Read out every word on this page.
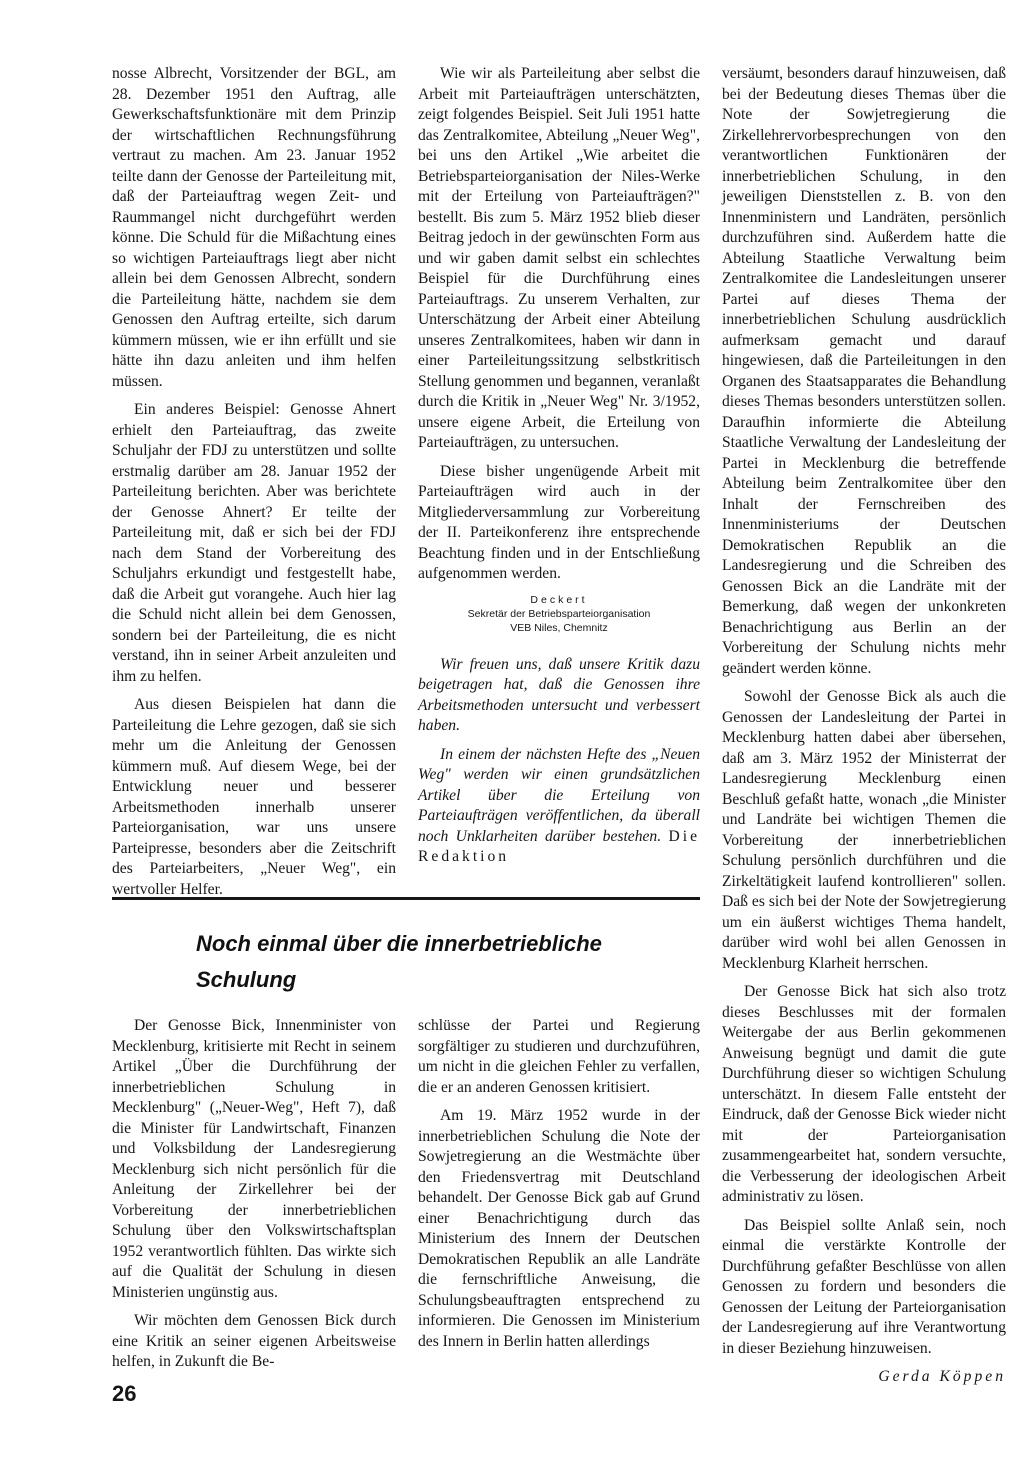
nosse Albrecht, Vorsitzender der BGL, am 28. Dezember 1951 den Auftrag, alle Gewerkschaftsfunktionäre mit dem Prinzip der wirtschaftlichen Rechnungsführung vertraut zu machen. Am 23. Januar 1952 teilte dann der Genosse der Parteileitung mit, daß der Parteiauftrag wegen Zeit- und Raummangel nicht durchgeführt werden könne. Die Schuld für die Mißachtung eines so wichtigen Parteiauftrags liegt aber nicht allein bei dem Genossen Albrecht, sondern die Parteileitung hätte, nachdem sie dem Genossen den Auftrag erteilte, sich darum kümmern müssen, wie er ihn erfüllt und sie hätte ihn dazu anleiten und ihm helfen müssen.

Ein anderes Beispiel: Genosse Ahnert erhielt den Parteiauftrag, das zweite Schuljahr der FDJ zu unterstützen und sollte erstmalig darüber am 28. Januar 1952 der Parteileitung berichten. Aber was berichtete der Genosse Ahnert? Er teilte der Parteileitung mit, daß er sich bei der FDJ nach dem Stand der Vorbereitung des Schuljahrs erkundigt und festgestellt habe, daß die Arbeit gut vorangehe. Auch hier lag die Schuld nicht allein bei dem Genossen, sondern bei der Parteileitung, die es nicht verstand, ihn in seiner Arbeit anzuleiten und ihm zu helfen.

Aus diesen Beispielen hat dann die Parteileitung die Lehre gezogen, daß sie sich mehr um die Anleitung der Genossen kümmern muß. Auf diesem Wege, bei der Entwicklung neuer und besserer Arbeitsmethoden innerhalb unserer Parteiorganisation, war uns unsere Parteipresse, besonders aber die Zeitschrift des Parteiarbeiters, „Neuer Weg", ein wertvoller Helfer.

Wie wir als Parteileitung aber selbst die Arbeit mit Parteiaufträgen unterschätzten, zeigt folgendes Beispiel. Seit Juli 1951 hatte das Zentralkomitee, Abteilung „Neuer Weg", bei uns den Artikel „Wie arbeitet die Betriebsparteiorganisation der Niles-Werke mit der Erteilung von Parteiaufträgen?" bestellt. Bis zum 5. März 1952 blieb dieser Beitrag jedoch in der gewünschten Form aus und wir gaben damit selbst ein schlechtes Beispiel für die Durchführung eines Parteiauftrags. Zu unserem Verhalten, zur Unterschätzung der Arbeit einer Abteilung unseres Zentralkomitees, haben wir dann in einer Parteileitungssitzung selbstkritisch Stellung genommen und begannen, veranlaßt durch die Kritik in „Neuer Weg" Nr. 3/1952, unsere eigene Arbeit, die Erteilung von Parteiaufträgen, zu untersuchen.

Diese bisher ungenügende Arbeit mit Parteiaufträgen wird auch in der Mitgliederversammlung zur Vorbereitung der II. Parteikonferenz ihre entsprechende Beachtung finden und in der Entschließung aufgenommen werden.

Deckert
Sekretär der Betriebsparteiorganisation
VEB Niles, Chemnitz

Wir freuen uns, daß unsere Kritik dazu beigetragen hat, daß die Genossen ihre Arbeitsmethoden untersucht und verbessert haben.

In einem der nächsten Hefte des „Neuen Weg" werden wir einen grundsätzlichen Artikel über die Erteilung von Parteiaufträgen veröffentlichen, da überall noch Unklarheiten darüber bestehen. Die Redaktion

versäumt, besonders darauf hinzuweisen, daß bei der Bedeutung dieses Themas über die Note der Sowjetregierung die Zirkellehrervorbesprechungen von den verantwortlichen Funktionären der innerbetrieblichen Schulung, in den jeweiligen Dienststellen z. B. von den Innenministern und Landräten, persönlich durchzuführen sind. Außerdem hatte die Abteilung Staatliche Verwaltung beim Zentralkomitee die Landesleitungen unserer Partei auf dieses Thema der innerbetrieblichen Schulung ausdrücklich aufmerksam gemacht und darauf hingewiesen, daß die Parteileitungen in den Organen des Staatsapparates die Behandlung dieses Themas besonders unterstützen sollen. Daraufhin informierte die Abteilung Staatliche Verwaltung der Landesleitung der Partei in Mecklenburg die betreffende Abteilung beim Zentralkomitee über den Inhalt der Fernschreiben des Innenministeriums der Deutschen Demokratischen Republik an die Landesregierung und die Schreiben des Genossen Bick an die Landräte mit der Bemerkung, daß wegen der unkonkreten Benachrichtigung aus Berlin an der Vorbereitung der Schulung nichts mehr geändert werden könne.

Sowohl der Genosse Bick als auch die Genossen der Landesleitung der Partei in Mecklenburg hatten dabei aber übersehen, daß am 3. März 1952 der Ministerrat der Landesregierung Mecklenburg einen Beschluß gefaßt hatte, wonach „die Minister und Landräte bei wichtigen Themen die Vorbereitung der innerbetrieblichen Schulung persönlich durchführen und die Zirkeltätigkeit laufend kontrollieren" sollen. Daß es sich bei der Note der Sowjetregierung um ein äußerst wichtiges Thema handelt, darüber wird wohl bei allen Genossen in Mecklenburg Klarheit herrschen.

Der Genosse Bick hat sich also trotz dieses Beschlusses mit der formalen Weitergabe der aus Berlin gekommenen Anweisung begnügt und damit die gute Durchführung dieser so wichtigen Schulung unterschätzt. In diesem Falle entsteht der Eindruck, daß der Genosse Bick wieder nicht mit der Parteiorganisation zusammengearbeitet hat, sondern versuchte, die Verbesserung der ideologischen Arbeit administrativ zu lösen.

Das Beispiel sollte Anlaß sein, noch einmal die verstärkte Kontrolle der Durchführung gefaßter Beschlüsse von allen Genossen zu fordern und besonders die Genossen der Leitung der Parteiorganisation der Landesregierung auf ihre Verantwortung in dieser Beziehung hinzuweisen.

Gerda Köppen
Noch einmal über die innerbetriebliche Schulung

Der Genosse Bick, Innenminister von Mecklenburg, kritisierte mit Recht in seinem Artikel „Über die Durchführung der innerbetrieblichen Schulung in Mecklenburg" („Neuer-Weg", Heft 7), daß die Minister für Landwirtschaft, Finanzen und Volksbildung der Landesregierung Mecklenburg sich nicht persönlich für die Anleitung der Zirkellehrer bei der Vorbereitung der innerbetrieblichen Schulung über den Volkswirtschaftsplan 1952 verantwortlich fühlten. Das wirkte sich auf die Qualität der Schulung in diesen Ministerien ungünstig aus.

Wir möchten dem Genossen Bick durch eine Kritik an seiner eigenen Arbeitsweise helfen, in Zukunft die Be-

schlüsse der Partei und Regierung sorgfältiger zu studieren und durchzuführen, um nicht in die gleichen Fehler zu verfallen, die er an anderen Genossen kritisiert.

Am 19. März 1952 wurde in der innerbetrieblichen Schulung die Note der Sowjetregierung an die Westmächte über den Friedensvertrag mit Deutschland behandelt. Der Genosse Bick gab auf Grund einer Benachrichtigung durch das Ministerium des Innern der Deutschen Demokratischen Republik an alle Landräte die fernschriftliche Anweisung, die Schulungsbeauftragten entsprechend zu informieren. Die Genossen im Ministerium des Innern in Berlin hatten allerdings

26
